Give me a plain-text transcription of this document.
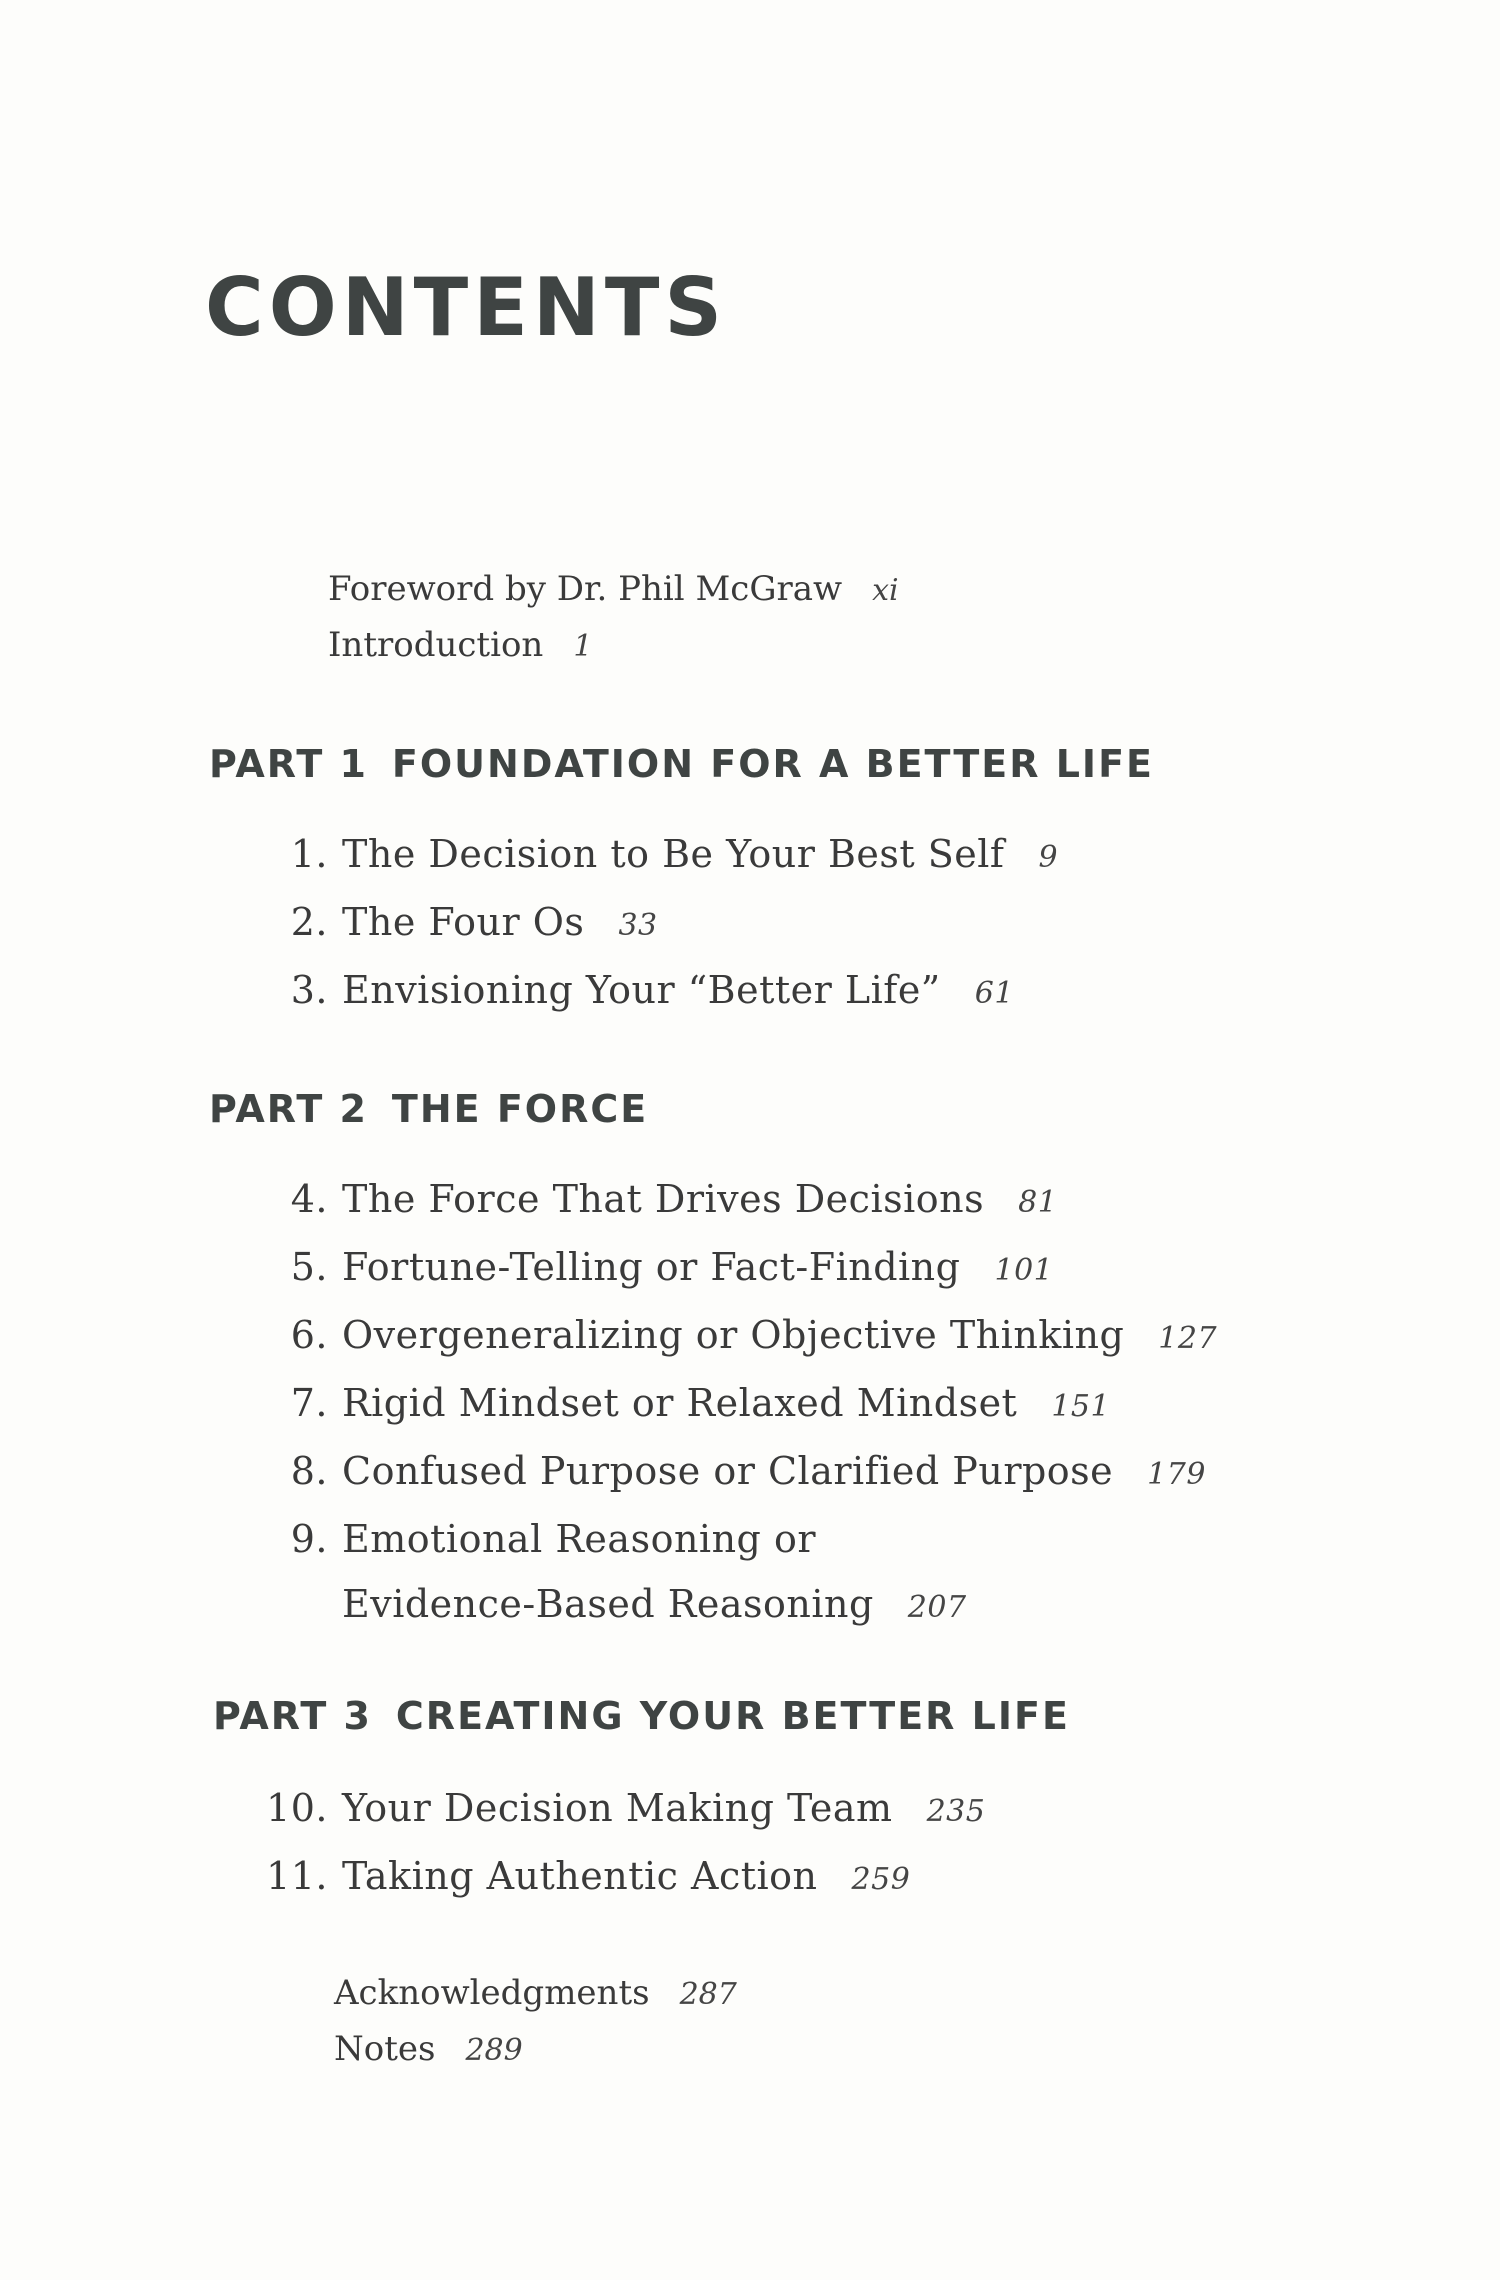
CONTENTS
Foreword by Dr. Phil McGraw xi
Introduction 1
PART 1 FOUNDATION FOR A BETTER LIFE
1. The Decision to Be Your Best Self 9
2. The Four Os 33
3. Envisioning Your “Better Life” 61
PART 2 THE FORCE
4. The Force That Drives Decisions 81
5. Fortune-Telling or Fact-Finding 101
6. Overgeneralizing or Objective Thinking 127
7. Rigid Mindset or Relaxed Mindset 151
8. Confused Purpose or Clarified Purpose 179
9. Emotional Reasoning or
Evidence-Based Reasoning 207
PART 3 CREATING YOUR BETTER LIFE
10. Your Decision Making Team 235
11. Taking Authentic Action 259
Acknowledgments 287
Notes 289
